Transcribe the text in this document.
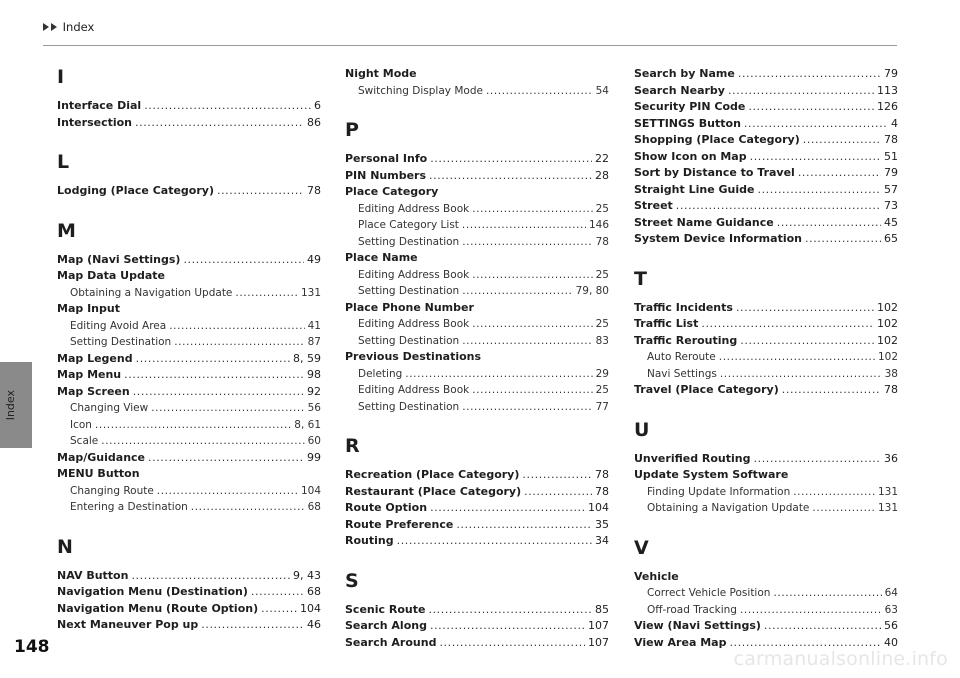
Index
Index
I
Interface Dial .....	6
Intersection .....	86
L
Lodging (Place Category) .....	78
M
Map (Navi Settings) .....	49
Map Data Update
Obtaining a Navigation Update .....	131
Map Input
Editing Avoid Area .....	41
Setting Destination .....	87
Map Legend .....	8, 59
Map Menu .....	98
Map Screen .....	92
Changing View .....	56
Icon .....	8, 61
Scale .....	60
Map/Guidance .....	99
MENU Button
Changing Route .....	104
Entering a Destination .....	68
N
NAV Button .....	9, 43
Navigation Menu (Destination) .....	68
Navigation Menu (Route Option) .....	104
Next Maneuver Pop up .....	46
Night Mode
Switching Display Mode .....	54
P
Personal Info .....	22
PIN Numbers .....	28
Place Category
Editing Address Book .....	25
Place Category List .....	146
Setting Destination .....	78
Place Name
Editing Address Book .....	25
Setting Destination .....	79, 80
Place Phone Number
Editing Address Book .....	25
Setting Destination .....	83
Previous Destinations
Deleting .....	29
Editing Address Book .....	25
Setting Destination .....	77
R
Recreation (Place Category) .....	78
Restaurant (Place Category) .....	78
Route Option .....	104
Route Preference .....	35
Routing .....	34
S
Scenic Route .....	85
Search Along .....	107
Search Around .....	107
Search by Name .....	79
Search Nearby .....	113
Security PIN Code .....	126
SETTINGS Button .....	4
Shopping (Place Category) .....	78
Show Icon on Map .....	51
Sort by Distance to Travel .....	79
Straight Line Guide .....	57
Street .....	73
Street Name Guidance .....	45
System Device Information .....	65
T
Traffic Incidents .....	102
Traffic List .....	102
Traffic Rerouting .....	102
Auto Reroute .....	102
Navi Settings .....	38
Travel (Place Category) .....	78
U
Unverified Routing .....	36
Update System Software
Finding Update Information .....	131
Obtaining a Navigation Update .....	131
V
Vehicle
Correct Vehicle Position .....	64
Off-road Tracking .....	63
View (Navi Settings) .....	56
View Area Map .....	40
148
carmanualsonline.info
